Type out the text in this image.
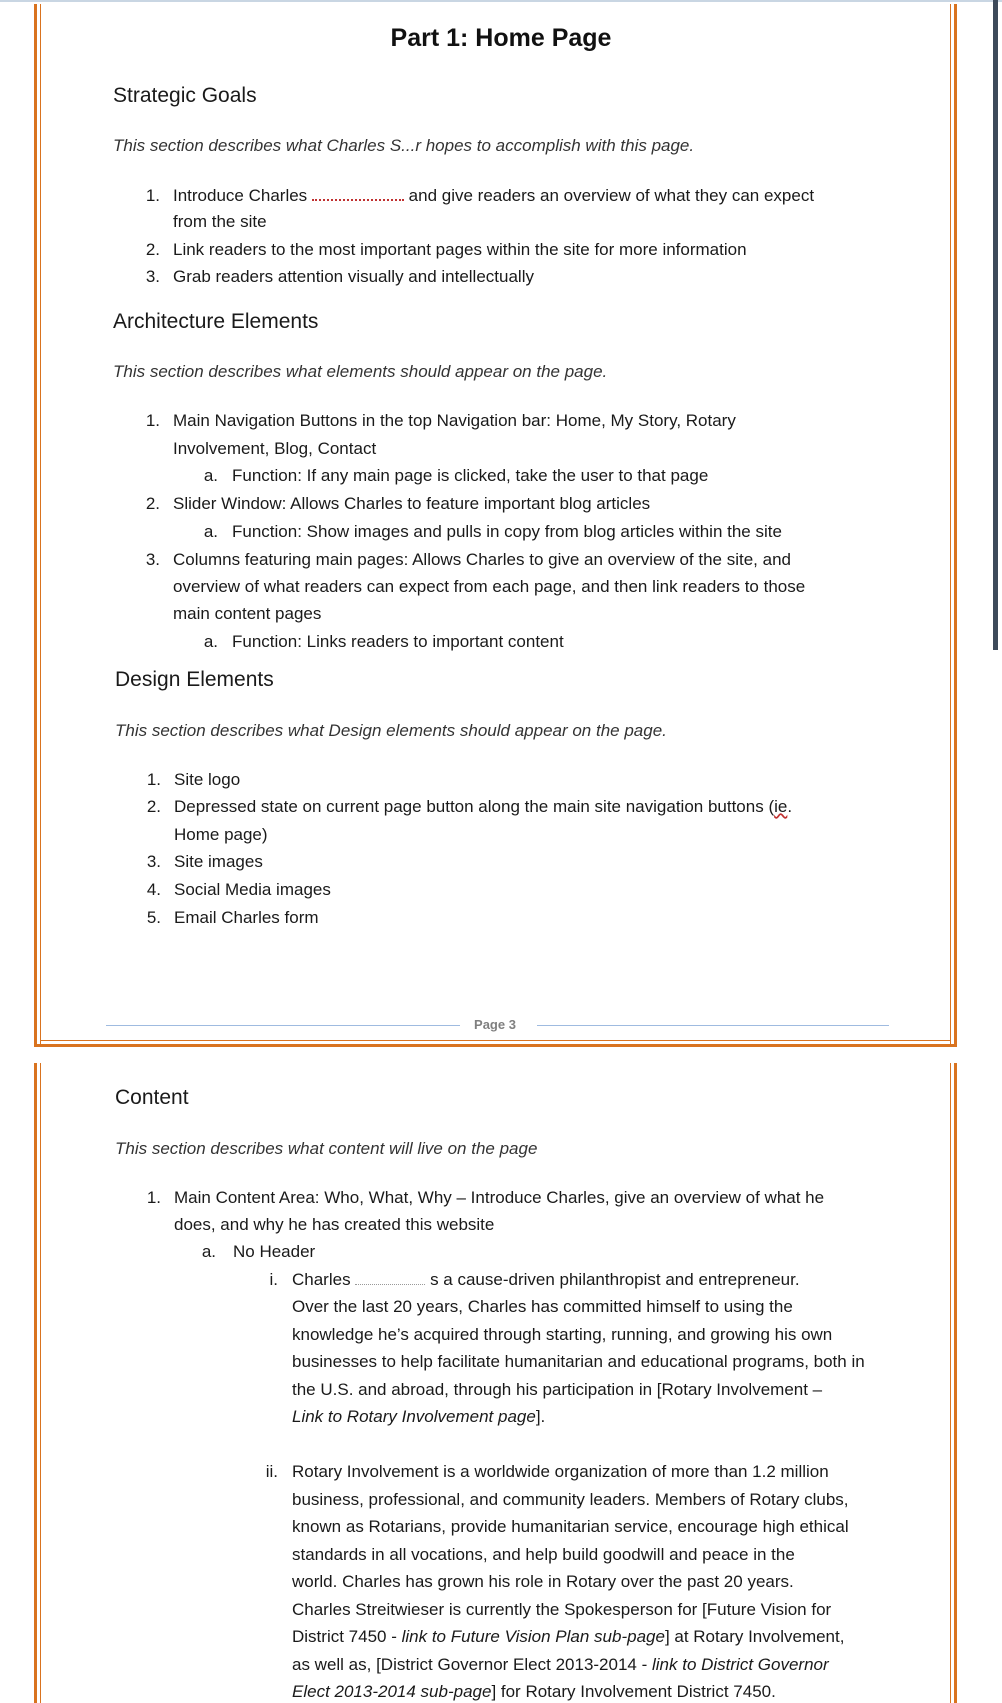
Part 1: Home Page
Strategic Goals
This section describes what Charles S...r hopes to accomplish with this page.
1. Introduce Charles	and give readers an overview of what they can expect
from the site
2. Link readers to the most important pages within the site for more information
3. Grab readers attention visually and intellectually
Architecture Elements
This section describes what elements should appear on the page.
1. Main Navigation Buttons in the top Navigation bar: Home, My Story, Rotary
Involvement, Blog, Contact
a. Function: If any main page is clicked, take the user to that page
2. Slider Window: Allows Charles to feature important blog articles
a. Function: Show images and pulls in copy from blog articles within the site
3. Columns featuring main pages: Allows Charles to give an overview of the site, and
overview of what readers can expect from each page, and then link readers to those
main content pages
a. Function: Links readers to important content
Design Elements
This section describes what Design elements should appear on the page.
1. Site logo
2. Depressed state on current page button along the main site navigation buttons (ie.
Home page)
3. Site images
4. Social Media images
5. Email Charles form
Page 3
Content
This section describes what content will live on the page
1. Main Content Area: Who, What, Why – Introduce Charles, give an overview of what he
does, and why he has created this website
a. No Header
i. Charles	s a cause-driven philanthropist and entrepreneur.
Over the last 20 years, Charles has committed himself to using the
knowledge he’s acquired through starting, running, and growing his own
businesses to help facilitate humanitarian and educational programs, both in
the U.S. and abroad, through his participation in [Rotary Involvement –
Link to Rotary Involvement page].
ii. Rotary Involvement is a worldwide organization of more than 1.2 million
business, professional, and community leaders. Members of Rotary clubs,
known as Rotarians, provide humanitarian service, encourage high ethical
standards in all vocations, and help build goodwill and peace in the
world. Charles has grown his role in Rotary over the past 20 years.
Charles Streitwieser is currently the Spokesperson for [Future Vision for
District 7450 - link to Future Vision Plan sub-page] at Rotary Involvement,
as well as, [District Governor Elect 2013-2014 - link to District Governor
Elect 2013-2014 sub-page] for Rotary Involvement District 7450.
